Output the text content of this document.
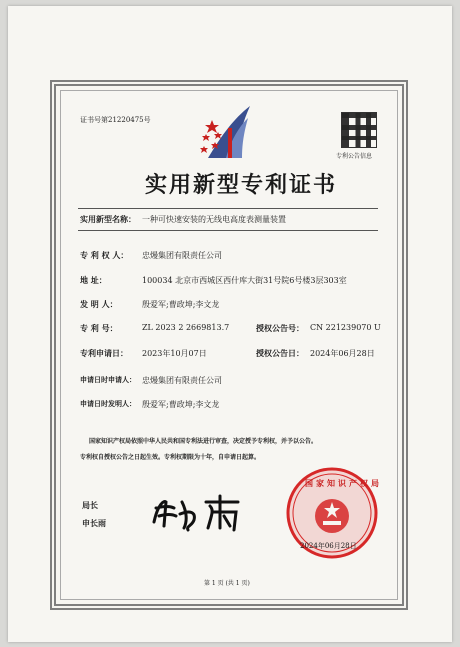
证书号第21220475号
专利公告信息
实用新型专利证书
实用新型名称： 一种可快速安装的无线电高度表测量装置
专 利 权 人： 忠熳集团有限责任公司
地 址：	100034 北京市西城区西什库大街31号院6号楼3层303室
发 明 人：	殷爱军;曹政坤;李文龙
专 利 号：	ZL 2023 2 2669813.7	授权公告号： CN 221239070 U
专利申请日： 2023年10月07日	授权公告日： 2024年06月28日
申请日时申请人： 忠熳集团有限责任公司
申请日时发明人： 殷爱军;曹政坤;李文龙
国家知识产权局依照中华人民共和国专利法进行审查，决定授予专利权，并予以公告。
专利权自授权公告之日起生效。专利权期限为十年，自申请日起算。
局长
申长雨
国家知识产权局
2024年06月28日
第 1 页 (共 1 页)
